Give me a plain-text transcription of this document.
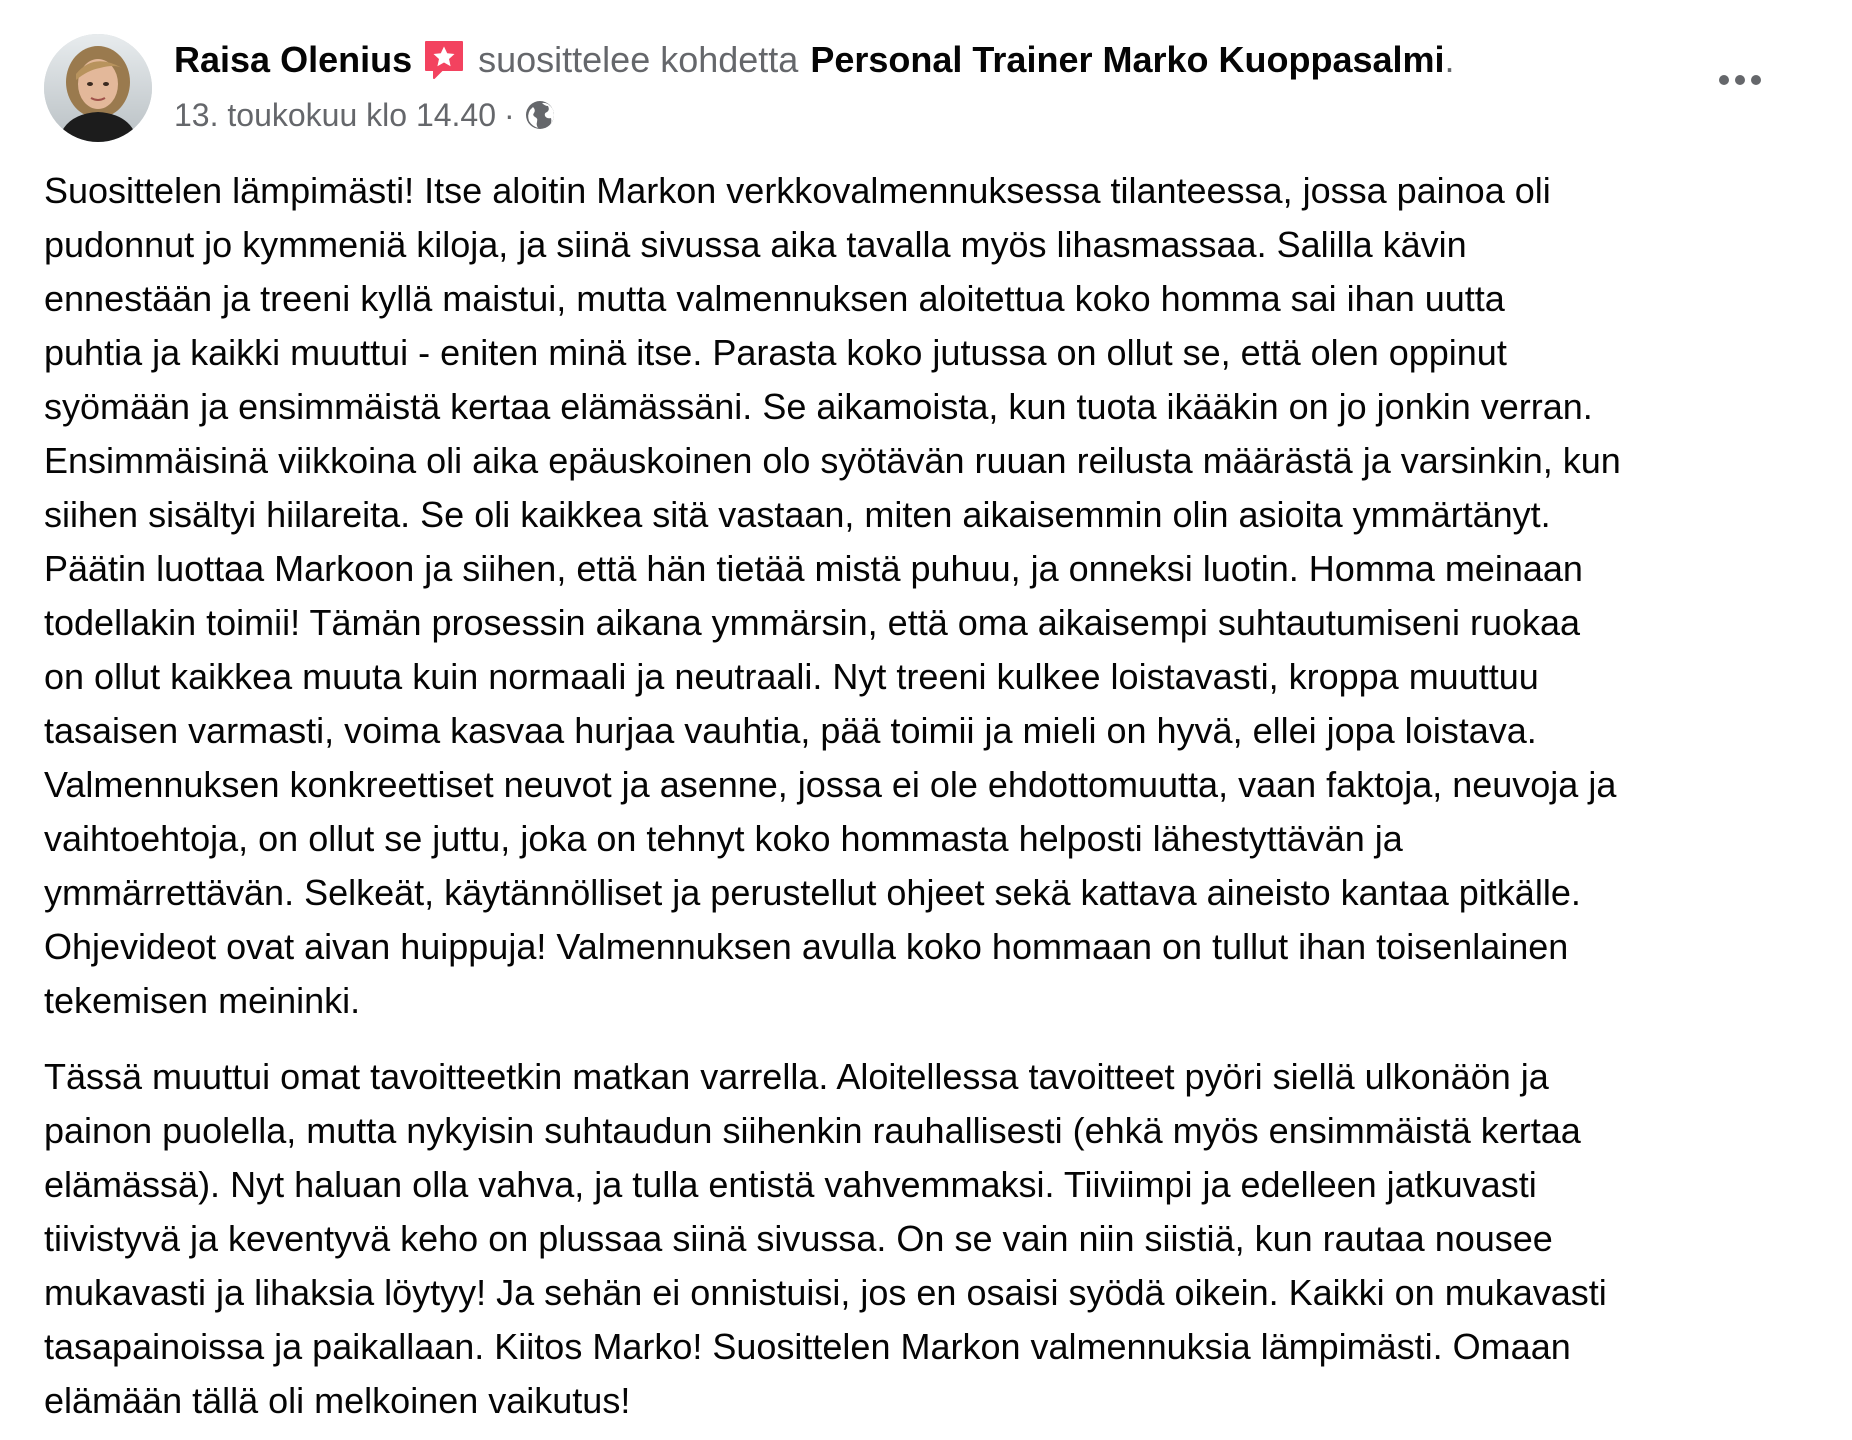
Raisa Olenius suosittelee kohdetta Personal Trainer Marko Kuoppasalmi .
13. toukokuu klo 14.40 ·

Suosittelen lämpimästi! Itse aloitin Markon verkkovalmennuksessa tilanteessa, jossa painoa oli
pudonnut jo kymmeniä kiloja, ja siinä sivussa aika tavalla myös lihasmassaa. Salilla kävin
ennestään ja treeni kyllä maistui, mutta valmennuksen aloitettua koko homma sai ihan uutta
puhtia ja kaikki muuttui - eniten minä itse. Parasta koko jutussa on ollut se, että olen oppinut
syömään ja ensimmäistä kertaa elämässäni. Se aikamoista, kun tuota ikääkin on jo jonkin verran.
Ensimmäisinä viikkoina oli aika epäuskoinen olo syötävän ruuan reilusta määrästä ja varsinkin, kun
siihen sisältyi hiilareita. Se oli kaikkea sitä vastaan, miten aikaisemmin olin asioita ymmärtänyt.
Päätin luottaa Markoon ja siihen, että hän tietää mistä puhuu, ja onneksi luotin. Homma meinaan
todellakin toimii! Tämän prosessin aikana ymmärsin, että oma aikaisempi suhtautumiseni ruokaa
on ollut kaikkea muuta kuin normaali ja neutraali. Nyt treeni kulkee loistavasti, kroppa muuttuu
tasaisen varmasti, voima kasvaa hurjaa vauhtia, pää toimii ja mieli on hyvä, ellei jopa loistava.
Valmennuksen konkreettiset neuvot ja asenne, jossa ei ole ehdottomuutta, vaan faktoja, neuvoja ja
vaihtoehtoja, on ollut se juttu, joka on tehnyt koko hommasta helposti lähestyttävän ja
ymmärrettävän. Selkeät, käytännölliset ja perustellut ohjeet sekä kattava aineisto kantaa pitkälle.
Ohjevideot ovat aivan huippuja! Valmennuksen avulla koko hommaan on tullut ihan toisenlainen
tekemisen meininki.

Tässä muuttui omat tavoitteetkin matkan varrella. Aloitellessa tavoitteet pyöri siellä ulkonäön ja
painon puolella, mutta nykyisin suhtaudun siihenkin rauhallisesti (ehkä myös ensimmäistä kertaa
elämässä). Nyt haluan olla vahva, ja tulla entistä vahvemmaksi. Tiiviimpi ja edelleen jatkuvasti
tiivistyvä ja keventyvä keho on plussaa siinä sivussa. On se vain niin siistiä, kun rautaa nousee
mukavasti ja lihaksia löytyy! Ja sehän ei onnistuisi, jos en osaisi syödä oikein. Kaikki on mukavasti
tasapainoissa ja paikallaan. Kiitos Marko! Suosittelen Markon valmennuksia lämpimästi. Omaan
elämään tällä oli melkoinen vaikutus!
